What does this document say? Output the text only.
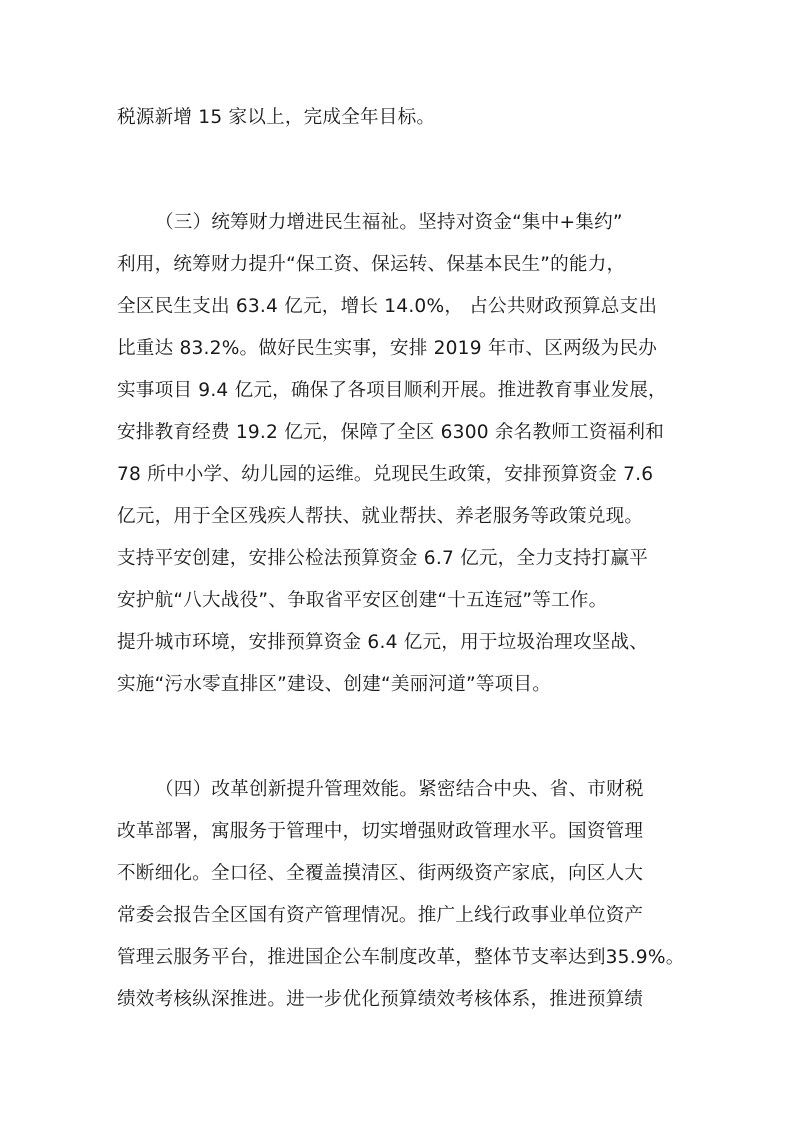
税源新增 15 家以上，完成全年目标。
（三）统筹财力增进民生福祉。坚持对资金“集中+集约”
利用，统筹财力提升“保工资、保运转、保基本民生”的能力，
全区民生支出 63.4 亿元，增长 14.0%， 占公共财政预算总支出
比重达 83.2%。做好民生实事，安排 2019 年市、区两级为民办
实事项目 9.4 亿元，确保了各项目顺利开展。推进教育事业发展，
安排教育经费 19.2 亿元，保障了全区 6300 余名教师工资福利和
78 所中小学、幼儿园的运维。兑现民生政策，安排预算资金 7.6
亿元，用于全区残疾人帮扶、就业帮扶、养老服务等政策兑现。
支持平安创建，安排公检法预算资金 6.7 亿元，全力支持打赢平
安护航“八大战役”、争取省平安区创建“十五连冠”等工作。
提升城市环境，安排预算资金 6.4 亿元，用于垃圾治理攻坚战、
实施“污水零直排区”建设、创建“美丽河道”等项目。
（四）改革创新提升管理效能。紧密结合中央、省、市财税
改革部署，寓服务于管理中，切实增强财政管理水平。国资管理
不断细化。全口径、全覆盖摸清区、街两级资产家底，向区人大
常委会报告全区国有资产管理情况。推广上线行政事业单位资产
管理云服务平台，推进国企公车制度改革，整体节支率达到35.9%。
绩效考核纵深推进。进一步优化预算绩效考核体系，推进预算绩
